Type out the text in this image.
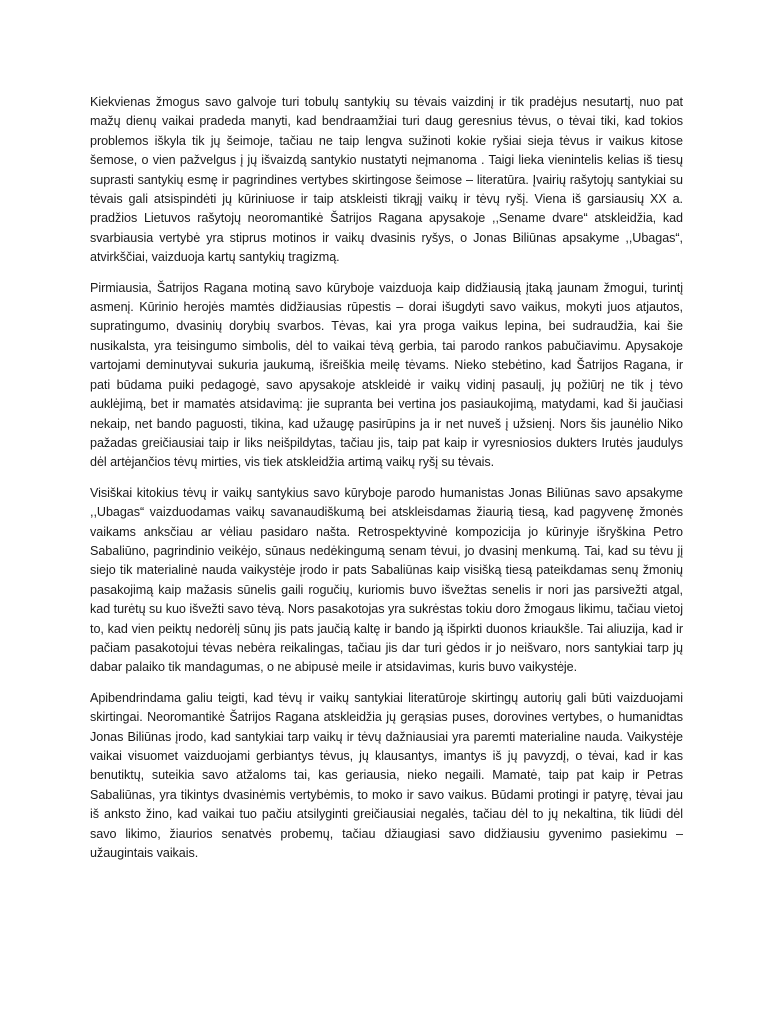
Kiekvienas žmogus savo galvoje turi tobulų santykių su tėvais vaizdinį ir tik pradėjus nesutartį, nuo pat mažų dienų vaikai pradeda manyti, kad bendraamžiai turi daug geresnius tėvus, o tėvai tiki, kad tokios problemos iškyla tik jų šeimoje, tačiau ne taip lengva sužinoti kokie ryšiai sieja tėvus ir vaikus kitose šemose, o vien pažvelgus į jų išvaizdą santykio nustatyti neįmanoma . Taigi lieka vienintelis kelias iš tiesų suprasti santykių esmę ir pagrindines vertybes skirtingose šeimose – literatūra. Įvairių rašytojų santykiai su tėvais gali atsispindėti jų kūriniuose ir taip atskleisti tikrąjį vaikų ir tėvų ryšį. Viena iš garsiausių XX a. pradžios Lietuvos rašytojų neoromantikė Šatrijos Ragana apysakoje ,,Sename dvare“ atskleidžia, kad svarbiausia vertybė yra stiprus motinos ir vaikų dvasinis ryšys, o Jonas Biliūnas apsakyme ,,Ubagas“, atvirkščiai, vaizduoja kartų santykių tragizmą.

Pirmiausia, Šatrijos Ragana motiną savo kūryboje vaizduoja kaip didžiausią įtaką jaunam žmogui, turintį asmenį. Kūrinio herojės mamtės didžiausias rūpestis – dorai išugdyti savo vaikus, mokyti juos atjautos, supratingumo, dvasinių dorybių svarbos. Tėvas, kai yra proga vaikus lepina, bei sudraudžia, kai šie nusikalsta, yra teisingumo simbolis, dėl to vaikai tėvą gerbia, tai parodo rankos pabučiavimu. Apysakoje vartojami deminutyvai sukuria jaukumą, išreiškia meilę tėvams. Nieko stebėtino, kad Šatrijos Ragana, ir pati būdama puiki pedagogė, savo apysakoje atskleidė ir vaikų vidinį pasaulį, jų požiūrį ne tik į tėvo auklėjimą, bet ir mamatės atsidavimą: jie supranta bei vertina jos pasiaukojimą, matydami, kad ši jaučiasi nekaip, net bando paguosti, tikina, kad užaugę pasirūpins ja ir net nuveš į užsienį. Nors šis jaunėlio Niko pažadas greičiausiai taip ir liks neišpildytas, tačiau jis, taip pat kaip ir vyresniosios dukters Irutės jaudulys dėl artėjančios tėvų mirties, vis tiek atskleidžia artimą vaikų ryšį su tėvais.

Visiškai kitokius tėvų ir vaikų santykius savo kūryboje parodo humanistas Jonas Biliūnas savo apsakyme ,,Ubagas“ vaizduodamas vaikų savanaudiškumą bei atskleisdamas žiaurią tiesą, kad pagyvenę žmonės vaikams anksčiau ar vėliau pasidaro našta. Retrospektyvinė kompozicija jo kūrinyje išryškina Petro Sabaliūno, pagrindinio veikėjo, sūnaus nedėkingumą senam tėvui, jo dvasinį menkumą. Tai, kad su tėvu jį siejo tik materialinė nauda vaikystėje įrodo ir pats Sabaliūnas kaip visišką tiesą pateikdamas senų žmonių pasakojimą kaip mažasis sūnelis gaili rogučių, kuriomis buvo išvežtas senelis ir nori jas parsivežti atgal, kad turėtų su kuo išvežti savo tėvą. Nors pasakotojas yra sukrėstas tokiu doro žmogaus likimu, tačiau vietoj to, kad vien peiktų nedorėlį sūnų jis pats jaučią kaltę ir bando ją išpirkti duonos kriaukšle. Tai aliuzija, kad ir pačiam pasakotojui tėvas nebėra reikalingas, tačiau jis dar turi gėdos ir jo neišvaro, nors santykiai tarp jų dabar palaiko tik mandagumas, o ne abipusė meile ir atsidavimas, kuris buvo vaikystėje.

Apibendrindama galiu teigti, kad tėvų ir vaikų santykiai literatūroje skirtingų autorių gali būti vaizduojami skirtingai. Neoromantikė Šatrijos Ragana atskleidžia jų gerąsias puses, dorovines vertybes, o humanidtas Jonas Biliūnas įrodo, kad santykiai tarp vaikų ir tėvų dažniausiai yra paremti materialine nauda. Vaikystėje vaikai visuomet vaizduojami gerbiantys tėvus, jų klausantys, imantys iš jų pavyzdį, o tėvai, kad ir kas benutiktų, suteikia savo atžaloms tai, kas geriausia, nieko negaili. Mamatė, taip pat kaip ir Petras Sabaliūnas, yra tikintys dvasinėmis vertybėmis, to moko ir savo vaikus. Būdami protingi ir patyrę, tėvai jau iš anksto žino, kad vaikai tuo pačiu atsilyginti greičiausiai negalės, tačiau dėl to jų nekaltina, tik liūdi dėl savo likimo, žiaurios senatvės probemų, tačiau džiaugiasi savo didžiausiu gyvenimo pasiekimu – užaugintais vaikais.
